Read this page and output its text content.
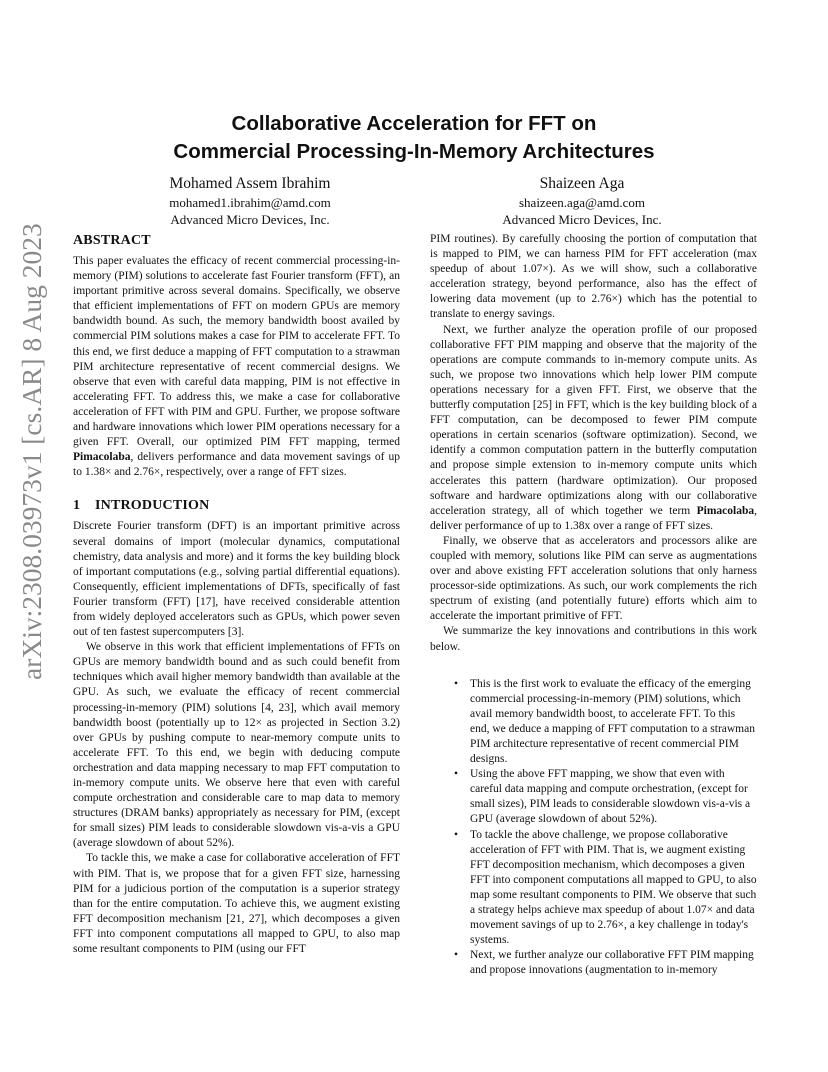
arXiv:2308.03973v1 [cs.AR] 8 Aug 2023
Collaborative Acceleration for FFT on
Commercial Processing-In-Memory Architectures
Mohamed Assem Ibrahim
mohamed1.ibrahim@amd.com
Advanced Micro Devices, Inc.
Shaizeen Aga
shaizeen.aga@amd.com
Advanced Micro Devices, Inc.
ABSTRACT

This paper evaluates the efficacy of recent commercial processing-in-memory (PIM) solutions to accelerate fast Fourier transform (FFT), an important primitive across several domains. Specifically, we observe that efficient implementations of FFT on modern GPUs are memory bandwidth bound. As such, the memory bandwidth boost availed by commercial PIM solutions makes a case for PIM to accelerate FFT. To this end, we first deduce a mapping of FFT computation to a strawman PIM architecture representative of recent commercial designs. We observe that even with careful data mapping, PIM is not effective in accelerating FFT. To address this, we make a case for collaborative acceleration of FFT with PIM and GPU. Further, we propose software and hardware innovations which lower PIM operations necessary for a given FFT. Overall, our optimized PIM FFT mapping, termed Pimacolaba, delivers performance and data movement savings of up to 1.38× and 2.76×, respectively, over a range of FFT sizes.

1 INTRODUCTION

Discrete Fourier transform (DFT) is an important primitive across several domains of import (molecular dynamics, computational chemistry, data analysis and more) and it forms the key building block of important computations (e.g., solving partial differential equations). Consequently, efficient implementations of DFTs, specifically of fast Fourier transform (FFT) [17], have received considerable attention from widely deployed accelerators such as GPUs, which power seven out of ten fastest supercomputers [3].

We observe in this work that efficient implementations of FFTs on GPUs are memory bandwidth bound and as such could benefit from techniques which avail higher memory bandwidth than available at the GPU. As such, we evaluate the efficacy of recent commercial processing-in-memory (PIM) solutions [4, 23], which avail memory bandwidth boost (potentially up to 12× as projected in Section 3.2) over GPUs by pushing compute to near-memory compute units to accelerate FFT. To this end, we begin with deducing compute orchestration and data mapping necessary to map FFT computation to in-memory compute units. We observe here that even with careful compute orchestration and considerable care to map data to memory structures (DRAM banks) appropriately as necessary for PIM, (except for small sizes) PIM leads to considerable slowdown vis-a-vis a GPU (average slowdown of about 52%).

To tackle this, we make a case for collaborative acceleration of FFT with PIM. That is, we propose that for a given FFT size, harnessing PIM for a judicious portion of the computation is a superior strategy than for the entire computation. To achieve this, we augment existing FFT decomposition mechanism [21, 27], which decomposes a given FFT into component computations all mapped to GPU, to also map some resultant components to PIM (using our FFT

PIM routines). By carefully choosing the portion of computation that is mapped to PIM, we can harness PIM for FFT acceleration (max speedup of about 1.07×). As we will show, such a collaborative acceleration strategy, beyond performance, also has the effect of lowering data movement (up to 2.76×) which has the potential to translate to energy savings.

Next, we further analyze the operation profile of our proposed collaborative FFT PIM mapping and observe that the majority of the operations are compute commands to in-memory compute units. As such, we propose two innovations which help lower PIM compute operations necessary for a given FFT. First, we observe that the butterfly computation [25] in FFT, which is the key building block of a FFT computation, can be decomposed to fewer PIM compute operations in certain scenarios (software optimization). Second, we identify a common computation pattern in the butterfly computation and propose simple extension to in-memory compute units which accelerates this pattern (hardware optimization). Our proposed software and hardware optimizations along with our collaborative acceleration strategy, all of which together we term Pimacolaba, deliver performance of up to 1.38x over a range of FFT sizes.

Finally, we observe that as accelerators and processors alike are coupled with memory, solutions like PIM can serve as augmentations over and above existing FFT acceleration solutions that only harness processor-side optimizations. As such, our work complements the rich spectrum of existing (and potentially future) efforts which aim to accelerate the important primitive of FFT.

We summarize the key innovations and contributions in this work below.

• This is the first work to evaluate the efficacy of the emerging commercial processing-in-memory (PIM) solutions, which avail memory bandwidth boost, to accelerate FFT. To this end, we deduce a mapping of FFT computation to a strawman PIM architecture representative of recent commercial PIM designs.
• Using the above FFT mapping, we show that even with careful data mapping and compute orchestration, (except for small sizes), PIM leads to considerable slowdown vis-a-vis a GPU (average slowdown of about 52%).
• To tackle the above challenge, we propose collaborative acceleration of FFT with PIM. That is, we augment existing FFT decomposition mechanism, which decomposes a given FFT into component computations all mapped to GPU, to also map some resultant components to PIM. We observe that such a strategy helps achieve max speedup of about 1.07× and data movement savings of up to 2.76×, a key challenge in today's systems.
• Next, we further analyze our collaborative FFT PIM mapping and propose innovations (augmentation to in-memory
